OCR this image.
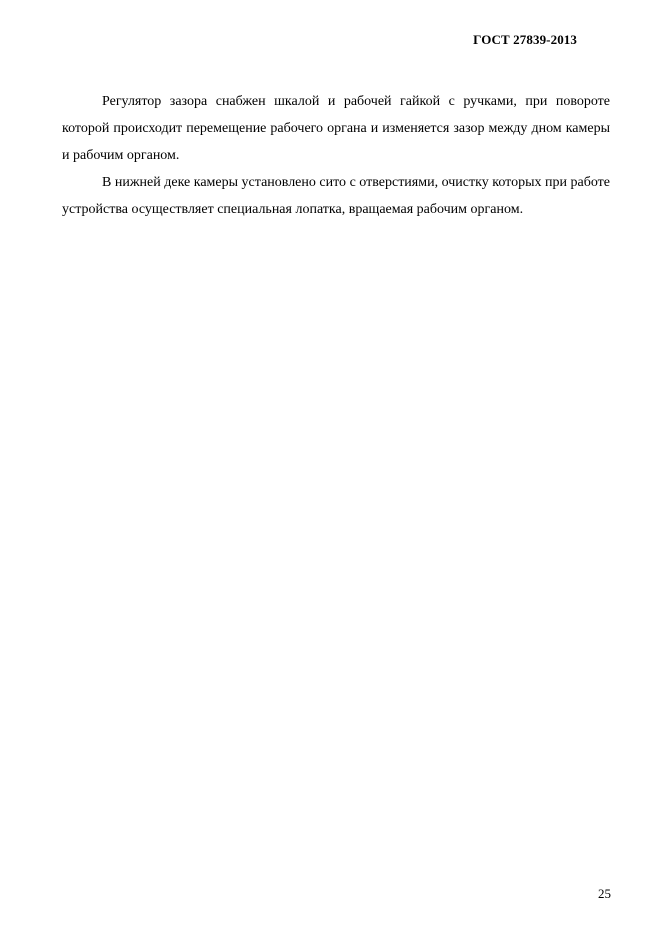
ГОСТ 27839-2013

Регулятор зазора снабжен шкалой и рабочей гайкой с ручками, при повороте которой происходит перемещение рабочего органа и изменяется зазор между дном камеры и рабочим органом.

В нижней деке камеры установлено сито с отверстиями, очистку которых при работе устройства осуществляет специальная лопатка, вращаемая рабочим органом.

25
